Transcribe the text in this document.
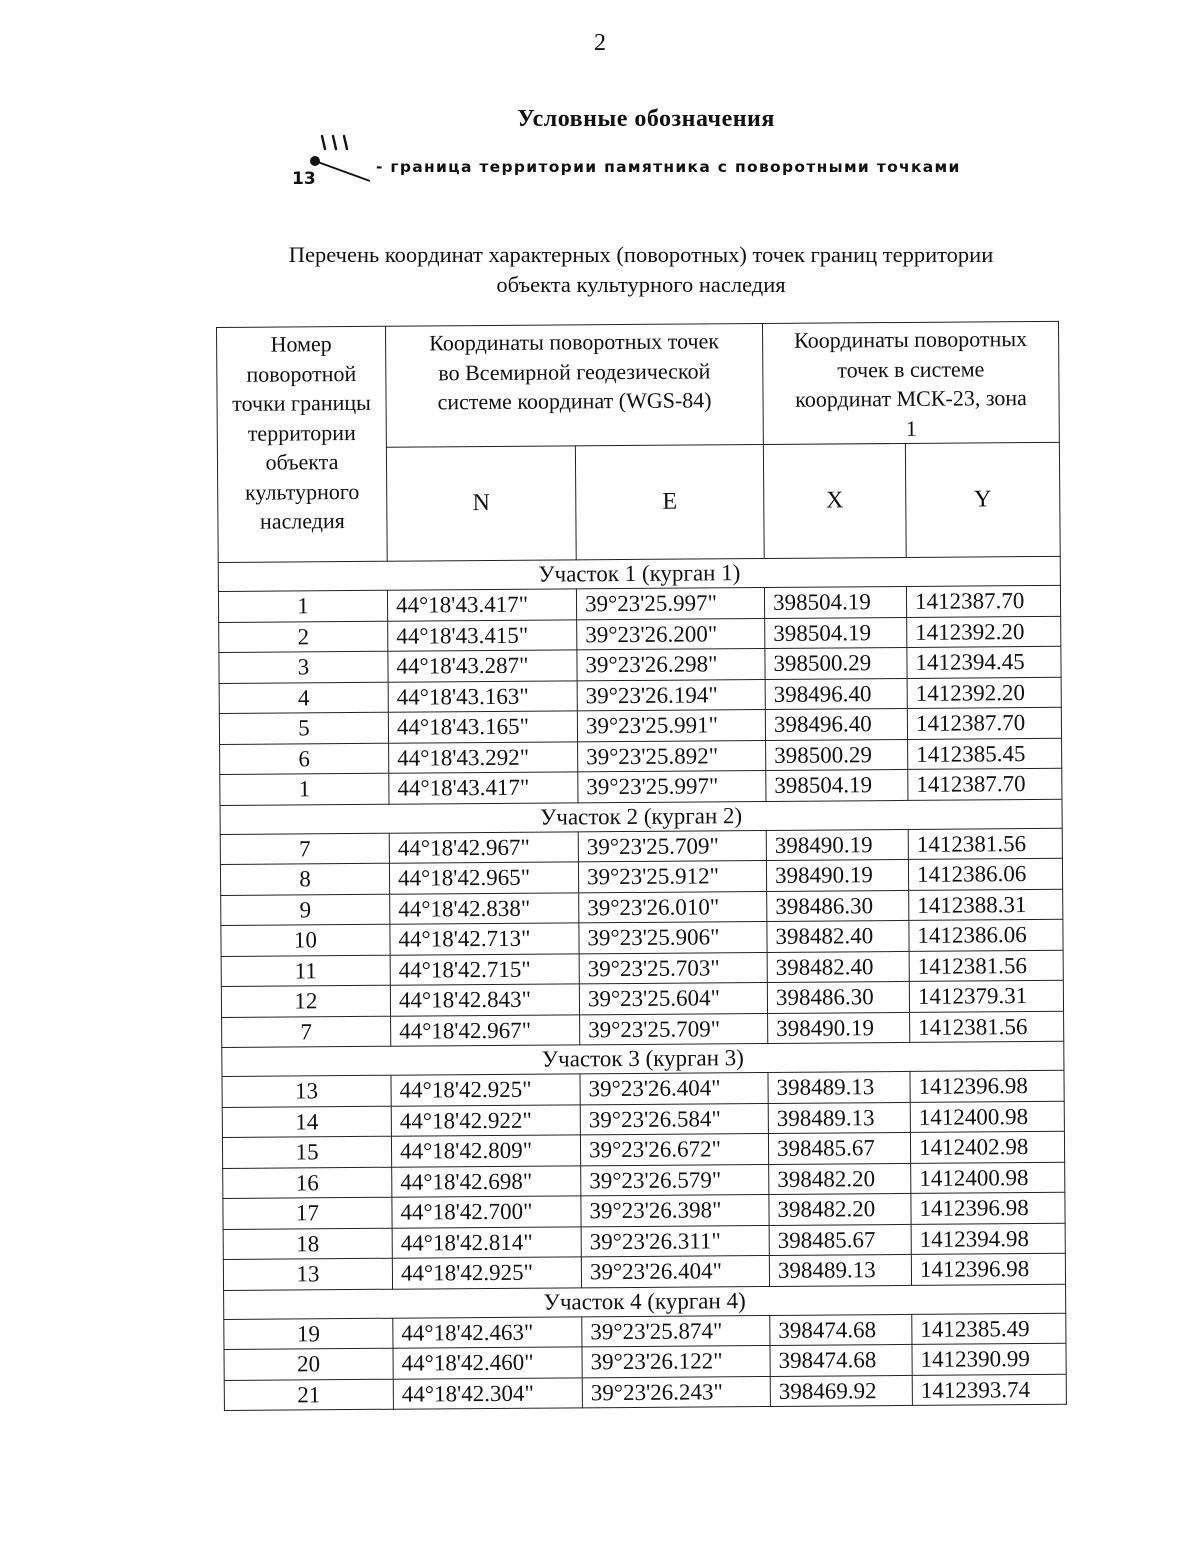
2
Условные обозначения
13
- граница территории памятника с поворотными точками
Перечень координат характерных (поворотных) точек границ территории
объекта культурного наследия
Номер поворотной точки границы территории объекта культурного наследия	Координаты поворотных точек во Всемирной геодезической системе координат (WGS-84)		Координаты поворотных точек в системе координат МСК-23, зона 1	

	N	E	X	Y
Участок 1 (курган 1)				
1	44°18'43.417"	39°23'25.997"	398504.19	1412387.70
2	44°18'43.415"	39°23'26.200"	398504.19	1412392.20
3	44°18'43.287"	39°23'26.298"	398500.29	1412394.45
4	44°18'43.163"	39°23'26.194"	398496.40	1412392.20
5	44°18'43.165"	39°23'25.991"	398496.40	1412387.70
6	44°18'43.292"	39°23'25.892"	398500.29	1412385.45
1	44°18'43.417"	39°23'25.997"	398504.19	1412387.70
Участок 2 (курган 2)				
7	44°18'42.967"	39°23'25.709"	398490.19	1412381.56
8	44°18'42.965"	39°23'25.912"	398490.19	1412386.06
9	44°18'42.838"	39°23'26.010"	398486.30	1412388.31
10	44°18'42.713"	39°23'25.906"	398482.40	1412386.06
11	44°18'42.715"	39°23'25.703"	398482.40	1412381.56
12	44°18'42.843"	39°23'25.604"	398486.30	1412379.31
7	44°18'42.967"	39°23'25.709"	398490.19	1412381.56
Участок 3 (курган 3)				
13	44°18'42.925"	39°23'26.404"	398489.13	1412396.98
14	44°18'42.922"	39°23'26.584"	398489.13	1412400.98
15	44°18'42.809"	39°23'26.672"	398485.67	1412402.98
16	44°18'42.698"	39°23'26.579"	398482.20	1412400.98
17	44°18'42.700"	39°23'26.398"	398482.20	1412396.98
18	44°18'42.814"	39°23'26.311"	398485.67	1412394.98
13	44°18'42.925"	39°23'26.404"	398489.13	1412396.98
Участок 4 (курган 4)				
19	44°18'42.463"	39°23'25.874"	398474.68	1412385.49
20	44°18'42.460"	39°23'26.122"	398474.68	1412390.99
21	44°18'42.304"	39°23'26.243"	398469.92	1412393.74
